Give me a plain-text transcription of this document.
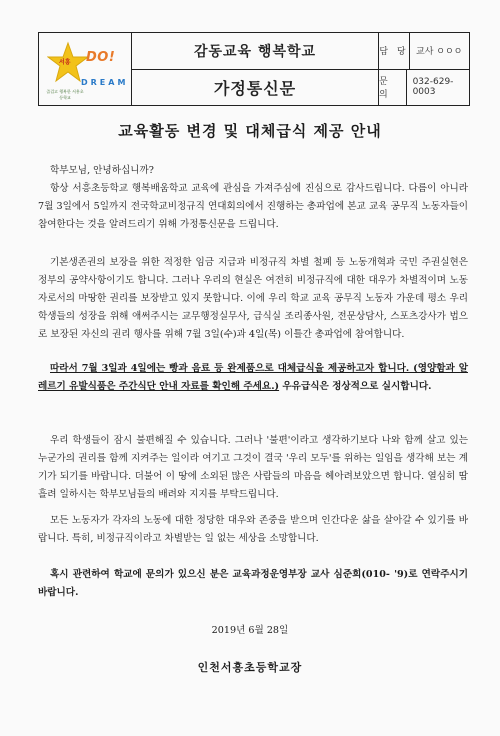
서흥
즐겁고 행복한 서흥초등학교
DO!
DREAM
감동교육 행복학교
가정통신문
담 당 교사 ㅇㅇㅇ
문 의
032-629-0003
교육활동 변경 및 대체급식 제공 안내

학부모님, 안녕하십니까?

항상 서흥초등학교 행복배움학교 교육에 관심을 가져주심에 진심으로 감사드립니다. 다름이 아니라 7월 3일에서 5일까지 전국학교비정규직 연대회의에서 진행하는 총파업에 본교 교육 공무직 노동자들이 참여한다는 것을 알려드리기 위해 가정통신문을 드립니다.

기본생존권의 보장을 위한 적정한 임금 지급과 비정규직 차별 철폐 등 노동개혁과 국민 주권실현은 정부의 공약사항이기도 합니다. 그러나 우리의 현실은 여전히 비정규직에 대한 대우가 차별적이며 노동자로서의 마땅한 권리를 보장받고 있지 못합니다. 이에 우리 학교 교육 공무직 노동자 가운데 평소 우리 학생들의 성장을 위해 애써주시는 교무행정실무사, 급식실 조리종사원, 전문상담사, 스포츠강사가 법으로 보장된 자신의 권리 행사를 위해 7월 3일(수)과 4일(목) 이틀간 총파업에 참여합니다.

따라서 7월 3일과 4일에는 빵과 음료 등 완제품으로 대체급식을 제공하고자 합니다. (영양함과 알레르기 유발식품은 주간식단 안내 자료를 확인해 주세요.) 우유급식은 정상적으로 실시합니다.

우리 학생들이 잠시 불편해질 수 있습니다. 그러나 '불편'이라고 생각하기보다 나와 함께 살고 있는 누군가의 권리를 함께 지켜주는 일이라 여기고 그것이 결국 '우리 모두'를 위하는 일임을 생각해 보는 계기가 되기를 바랍니다. 더불어 이 땅에 소외된 많은 사람들의 마음을 헤아려보았으면 합니다. 열심히 땀 흘려 일하시는 학부모님들의 배려와 지지를 부탁드립니다.

모든 노동자가 각자의 노동에 대한 정당한 대우와 존중을 받으며 인간다운 삶을 살아갈 수 있기를 바랍니다. 특히, 비정규직이라고 차별받는 일 없는 세상을 소망합니다.

혹시 관련하여 학교에 문의가 있으신 분은 교육과정운영부장 교사 심준희(010- '9)로 연락주시기 바랍니다.

2019년 6월 28일
인천서흥초등학교장
